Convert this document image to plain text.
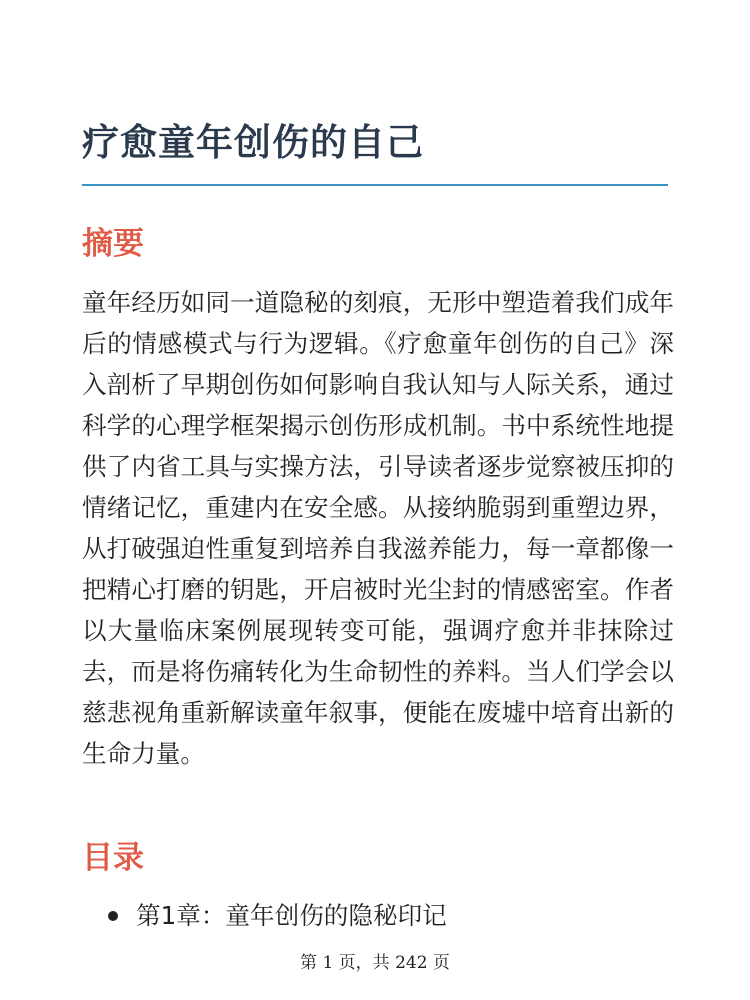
疗愈童年创伤的自己
摘要

童年经历如同一道隐秘的刻痕，无形中塑造着我们成年后的情感模式与行为逻辑。《疗愈童年创伤的自己》深入剖析了早期创伤如何影响自我认知与人际关系，通过科学的心理学框架揭示创伤形成机制。书中系统性地提供了内省工具与实操方法，引导读者逐步觉察被压抑的情绪记忆，重建内在安全感。从接纳脆弱到重塑边界，从打破强迫性重复到培养自我滋养能力，每一章都像一把精心打磨的钥匙，开启被时光尘封的情感密室。作者以大量临床案例展现转变可能，强调疗愈并非抹除过去，而是将伤痛转化为生命韧性的养料。当人们学会以慈悲视角重新解读童年叙事，便能在废墟中培育出新的生命力量。

目录
第1章：童年创伤的隐秘印记
第 1 页，共 242 页
